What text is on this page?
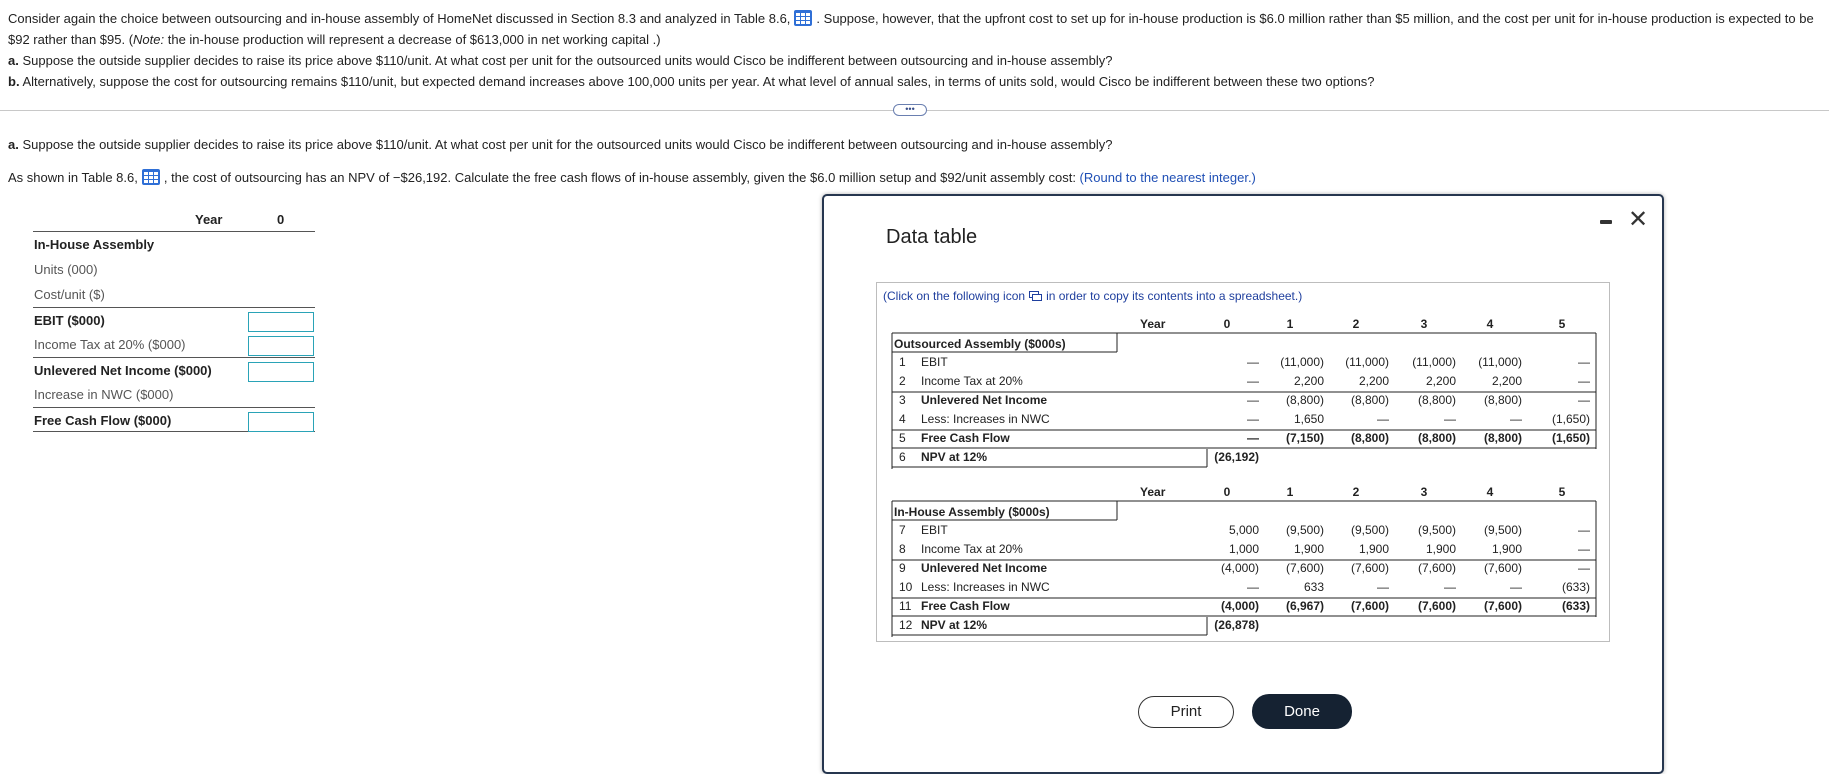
Consider again the choice between outsourcing and in-house assembly of HomeNet discussed in Section 8.3 and analyzed in Table 8.6, . Suppose, however, that the upfront cost to set up for in-house production is $6.0 million rather than $5 million, and the cost per unit for in-house production is expected to be

$92 rather than $95. (Note: the in-house production will represent a decrease of $613,000 in net working capital .)

a. Suppose the outside supplier decides to raise its price above $110/unit. At what cost per unit for the outsourced units would Cisco be indifferent between outsourcing and in-house assembly?

b. Alternatively, suppose the cost for outsourcing remains $110/unit, but expected demand increases above 100,000 units per year. At what level of annual sales, in terms of units sold, would Cisco be indifferent between these two options?

•••
a. Suppose the outside supplier decides to raise its price above $110/unit. At what cost per unit for the outsourced units would Cisco be indifferent between outsourcing and in-house assembly?
As shown in Table 8.6, , the cost of outsourcing has an NPV of −$26,192. Calculate the free cash flows of in-house assembly, given the $6.0 million setup and $92/unit assembly cost: (Round to the nearest integer.)
Year	0
In-House Assembly
Units (000)
Cost/unit ($)
EBIT ($000)
Income Tax at 20% ($000)
Unlevered Net Income ($000)
Increase in NWC ($000)
Free Cash Flow ($000)
Data table
✕
(Click on the following icon in order to copy its contents into a spreadsheet.)
Year	0	1	2	3	4	5
Outsourced Assembly ($000s)
1 EBIT	— (11,000) (11,000) (11,000) (11,000)	—
2 Income Tax at 20%	—	2,200	2,200	2,200	2,200	—
3 Unlevered Net Income	— (8,800) (8,800) (8,800) (8,800)	—
4 Less: Increases in NWC	—	1,650	—	—	— (1,650)
5 Free Cash Flow	— (7,150) (8,800) (8,800) (8,800) (1,650)
6 NPV at 12%	(26,192)
Year	0	1	2	3	4	5
In-House Assembly ($000s)
7 EBIT	5,000 (9,500) (9,500) (9,500) (9,500)	—
8 Income Tax at 20%	1,000	1,900	1,900	1,900	1,900	—
9 Unlevered Net Income	(4,000) (7,600) (7,600) (7,600) (7,600)	—
10 Less: Increases in NWC	—	633	—	—	—	(633)
11 Free Cash Flow	(4,000) (6,967) (7,600) (7,600) (7,600)	(633)
12 NPV at 12%	(26,878)
Print	Done
